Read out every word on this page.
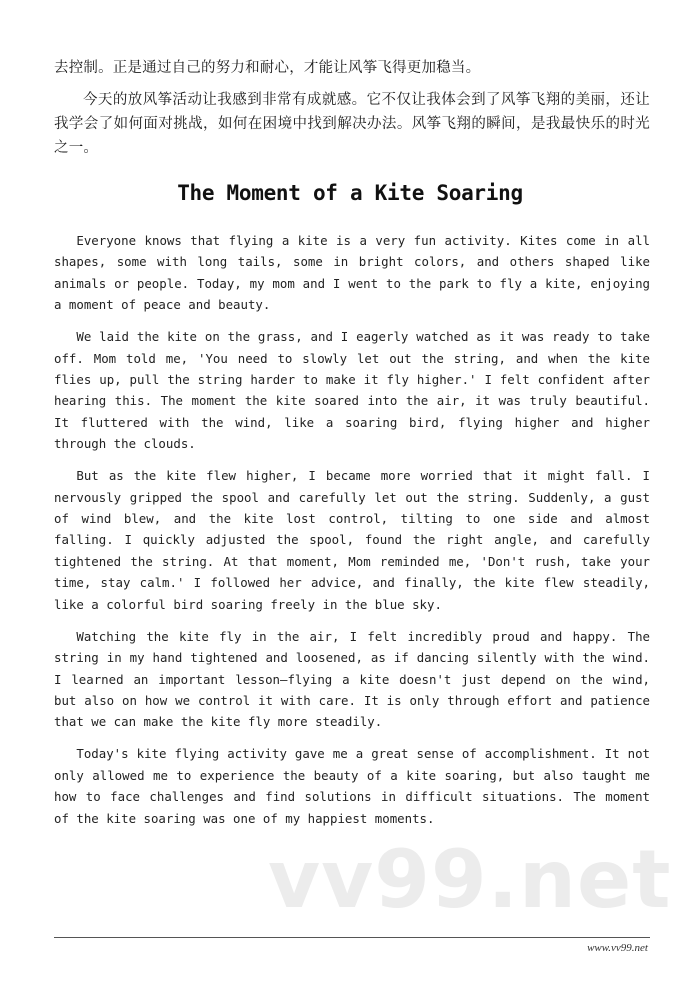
去控制。正是通过自己的努力和耐心，才能让风筝飞得更加稳当。

今天的放风筝活动让我感到非常有成就感。它不仅让我体会到了风筝飞翔的美丽，还让我学会了如何面对挑战，如何在困境中找到解决办法。风筝飞翔的瞬间，是我最快乐的时光之一。

The Moment of a Kite Soaring

Everyone knows that flying a kite is a very fun activity. Kites come in all shapes, some with long tails, some in bright colors, and others shaped like animals or people. Today, my mom and I went to the park to fly a kite, enjoying a moment of peace and beauty.

We laid the kite on the grass, and I eagerly watched as it was ready to take off. Mom told me, 'You need to slowly let out the string, and when the kite flies up, pull the string harder to make it fly higher.' I felt confident after hearing this. The moment the kite soared into the air, it was truly beautiful. It fluttered with the wind, like a soaring bird, flying higher and higher through the clouds.

But as the kite flew higher, I became more worried that it might fall. I nervously gripped the spool and carefully let out the string. Suddenly, a gust of wind blew, and the kite lost control, tilting to one side and almost falling. I quickly adjusted the spool, found the right angle, and carefully tightened the string. At that moment, Mom reminded me, 'Don't rush, take your time, stay calm.' I followed her advice, and finally, the kite flew steadily, like a colorful bird soaring freely in the blue sky.

Watching the kite fly in the air, I felt incredibly proud and happy. The string in my hand tightened and loosened, as if dancing silently with the wind. I learned an important lesson—flying a kite doesn't just depend on the wind, but also on how we control it with care. It is only through effort and patience that we can make the kite fly more steadily.

Today's kite flying activity gave me a great sense of accomplishment. It not only allowed me to experience the beauty of a kite soaring, but also taught me how to face challenges and find solutions in difficult situations. The moment of the kite soaring was one of my happiest moments.

vv99.net
www.vv99.net
